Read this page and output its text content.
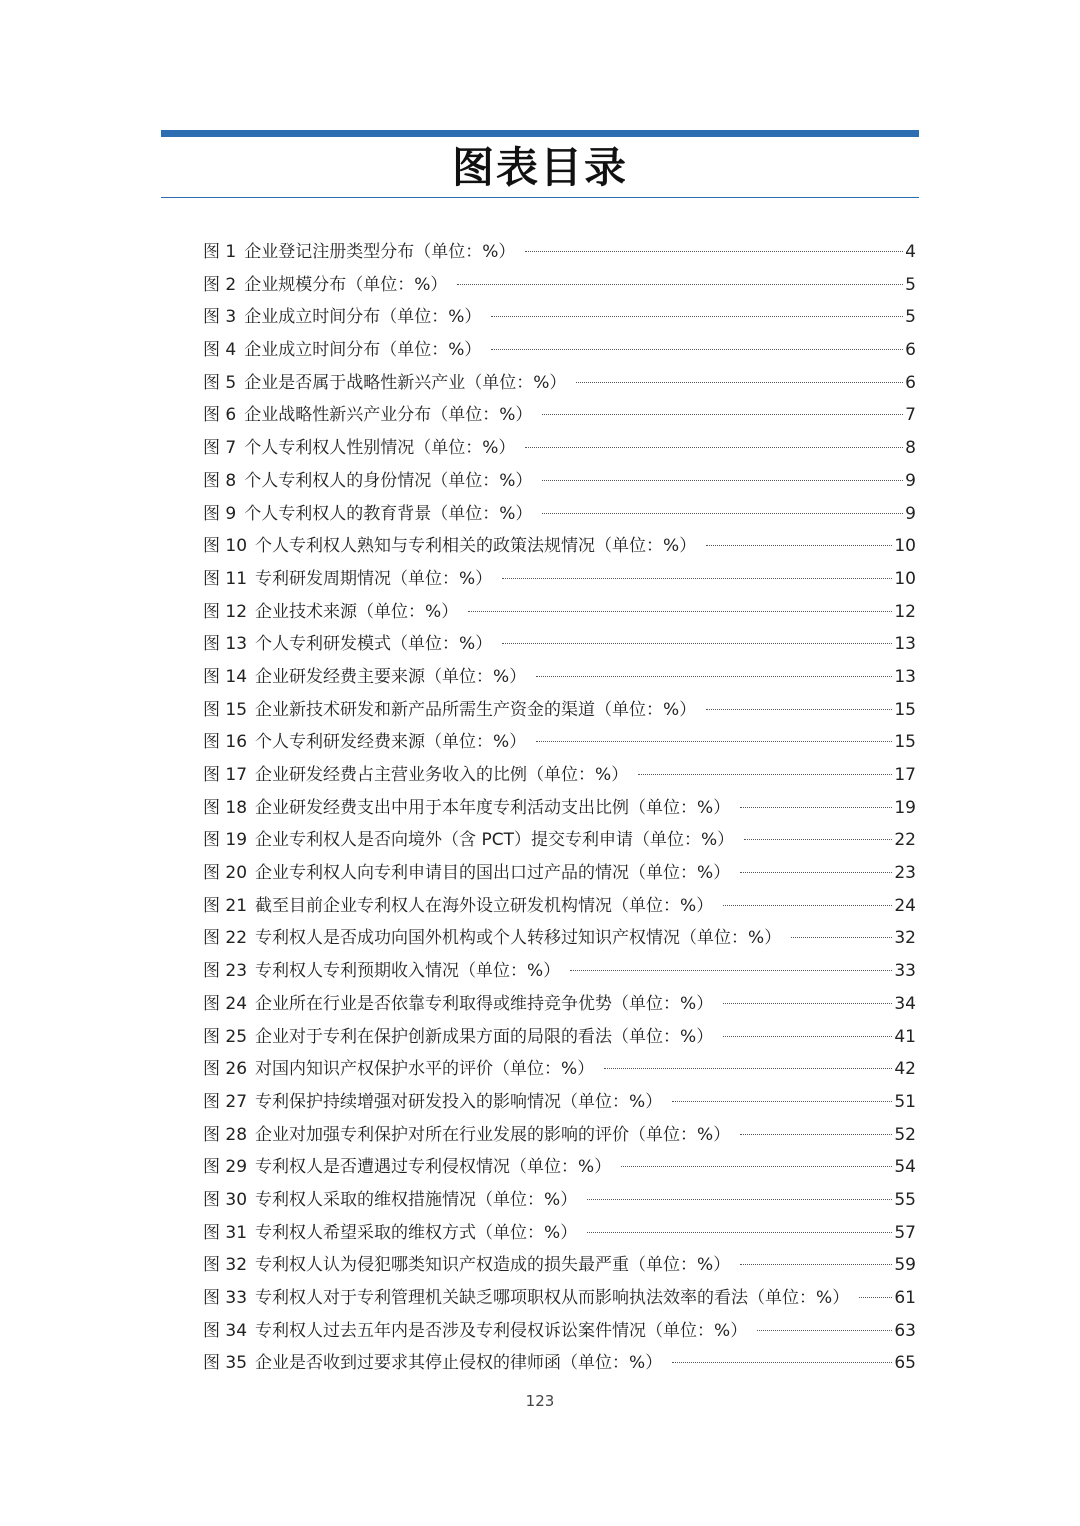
图表目录
图 1 企业登记注册类型分布（单位：%）	4
图 2 企业规模分布（单位：%）	5
图 3 企业成立时间分布（单位：%）	5
图 4 企业成立时间分布（单位：%）	6
图 5 企业是否属于战略性新兴产业（单位：%）	6
图 6 企业战略性新兴产业分布（单位：%）	7
图 7 个人专利权人性别情况（单位：%）	8
图 8 个人专利权人的身份情况（单位：%）	9
图 9 个人专利权人的教育背景（单位：%）	9
图 10 个人专利权人熟知与专利相关的政策法规情况（单位：%）	10
图 11 专利研发周期情况（单位：%）	10
图 12 企业技术来源（单位：%）	12
图 13 个人专利研发模式（单位：%）	13
图 14 企业研发经费主要来源（单位：%）	13
图 15 企业新技术研发和新产品所需生产资金的渠道（单位：%）	15
图 16 个人专利研发经费来源（单位：%）	15
图 17 企业研发经费占主营业务收入的比例（单位：%）	17
图 18 企业研发经费支出中用于本年度专利活动支出比例（单位：%）	19
图 19 企业专利权人是否向境外（含 PCT）提交专利申请（单位：%）	22
图 20 企业专利权人向专利申请目的国出口过产品的情况（单位：%）	23
图 21 截至目前企业专利权人在海外设立研发机构情况（单位：%）	24
图 22 专利权人是否成功向国外机构或个人转移过知识产权情况（单位：%）	32
图 23 专利权人专利预期收入情况（单位：%）	33
图 24 企业所在行业是否依靠专利取得或维持竞争优势（单位：%）	34
图 25 企业对于专利在保护创新成果方面的局限的看法（单位：%）	41
图 26 对国内知识产权保护水平的评价（单位：%）	42
图 27 专利保护持续增强对研发投入的影响情况（单位：%）	51
图 28 企业对加强专利保护对所在行业发展的影响的评价（单位：%）	52
图 29 专利权人是否遭遇过专利侵权情况（单位：%）	54
图 30 专利权人采取的维权措施情况（单位：%）	55
图 31 专利权人希望采取的维权方式（单位：%）	57
图 32 专利权人认为侵犯哪类知识产权造成的损失最严重（单位：%）	59
图 33 专利权人对于专利管理机关缺乏哪项职权从而影响执法效率的看法（单位：%）	61
图 34 专利权人过去五年内是否涉及专利侵权诉讼案件情况（单位：%）	63
图 35 企业是否收到过要求其停止侵权的律师函（单位：%）	65
123
